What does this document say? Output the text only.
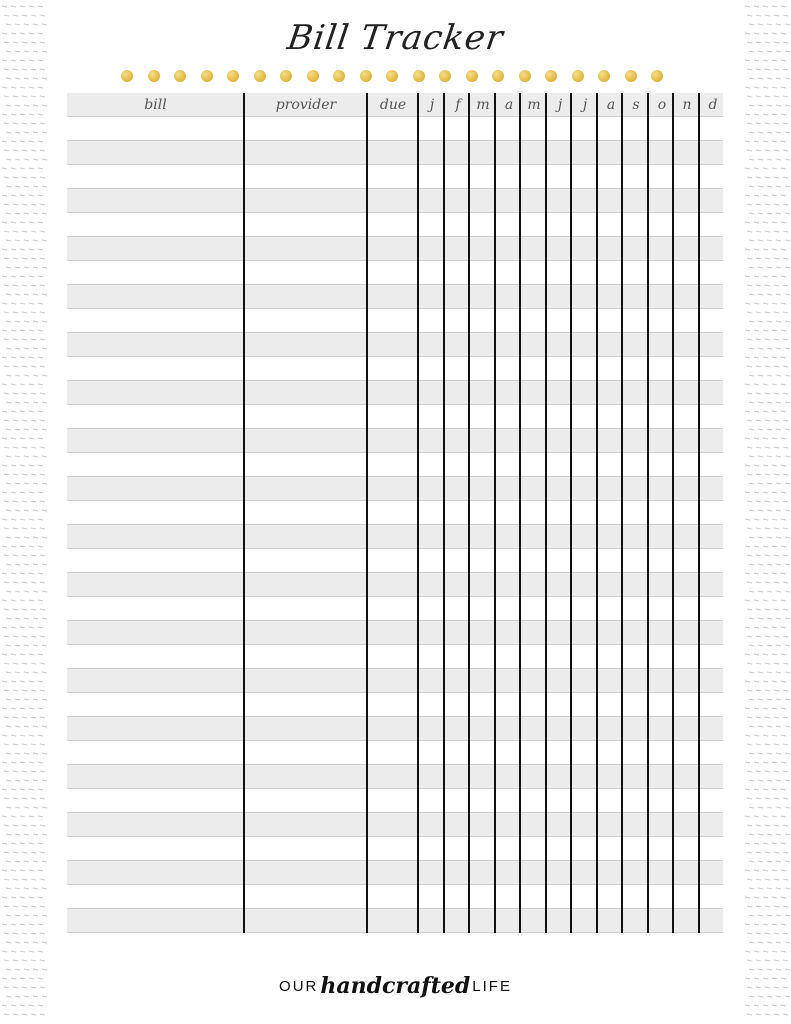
Bill Tracker
bill	provider	due	j	f	m	a	m	j	j	a	s	o	n	d
OURhandcrafted LIFE
